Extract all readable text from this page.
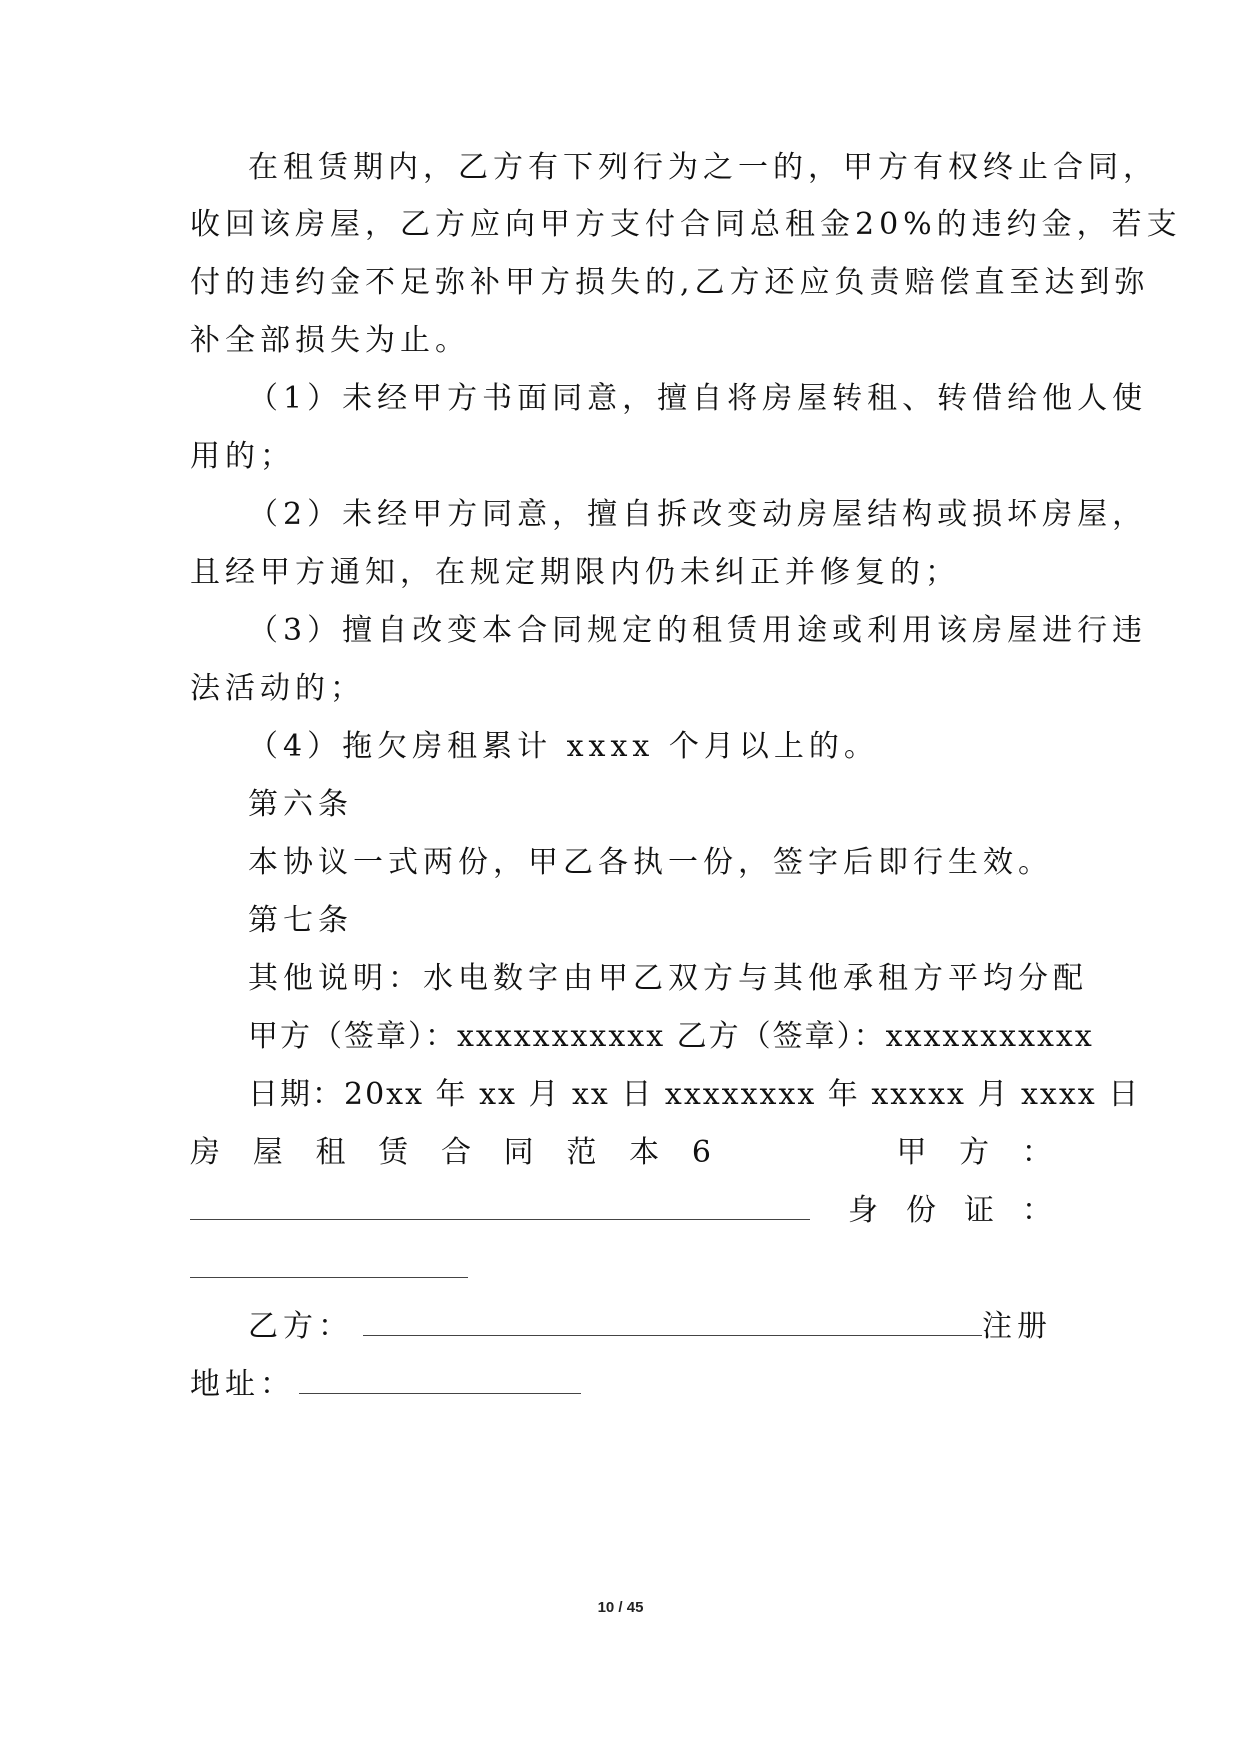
在租赁期内，乙方有下列行为之一的，甲方有权终止合同，
收回该房屋，乙方应向甲方支付合同总租金20%的违约金，若支
付的违约金不足弥补甲方损失的,乙方还应负责赔偿直至达到弥
补全部损失为止。
（1）未经甲方书面同意，擅自将房屋转租、转借给他人使
用的；
（2）未经甲方同意，擅自拆改变动房屋结构或损坏房屋，
且经甲方通知，在规定期限内仍未纠正并修复的；
（3）擅自改变本合同规定的租赁用途或利用该房屋进行违
法活动的；
（4）拖欠房租累计 xxxx 个月以上的。
第六条
本协议一式两份，甲乙各执一份，签字后即行生效。
第七条
其他说明：水电数字由甲乙双方与其他承租方平均分配
甲方（签章）：xxxxxxxxxxx 乙方（签章）：xxxxxxxxxxx
日期：20xx 年 xx 月 xx 日 xxxxxxxx 年 xxxxx 月 xxxx 日
房 屋 租 赁 合 同 范 本 6	甲 方 ：
身 份 证 ：
乙方：	注册
地址：
10 / 45
